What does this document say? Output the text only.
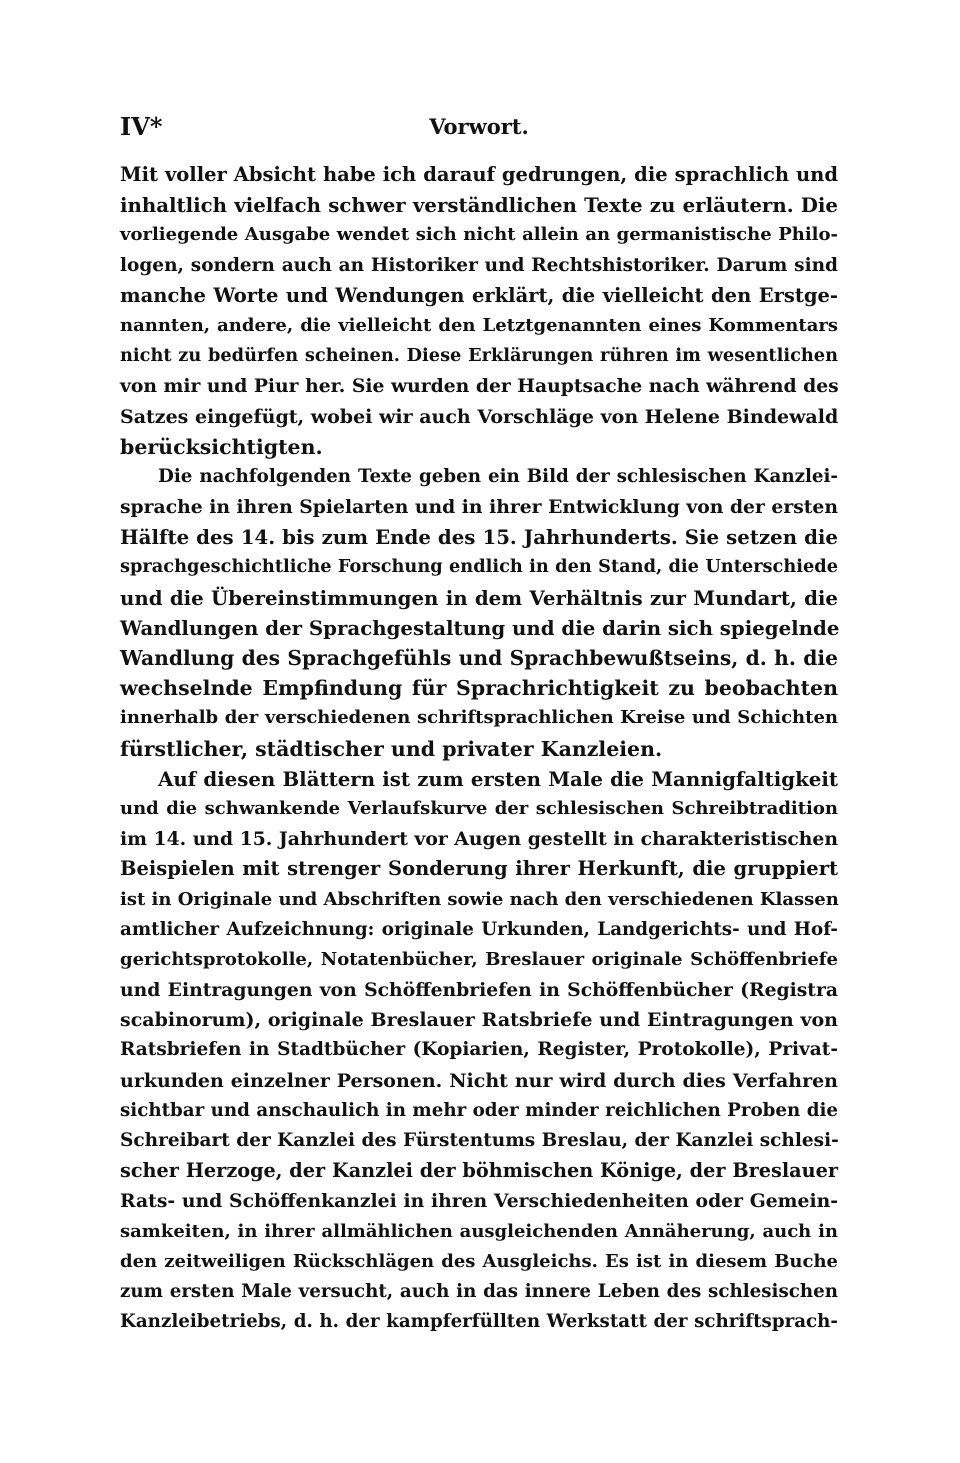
IV*	Vorwort.
Mit voller Absicht habe ich darauf gedrungen, die sprachlich und
inhaltlich vielfach schwer verständlichen Texte zu erläutern. Die
vorliegende Ausgabe wendet sich nicht allein an germanistische Philo-
logen, sondern auch an Historiker und Rechtshistoriker. Darum sind
manche Worte und Wendungen erklärt, die vielleicht den Erstge-
nannten, andere, die vielleicht den Letztgenannten eines Kommentars
nicht zu bedürfen scheinen. Diese Erklärungen rühren im wesentlichen
von mir und Piur her. Sie wurden der Hauptsache nach während des
Satzes eingefügt, wobei wir auch Vorschläge von Helene Bindewald
berücksichtigten.
Die nachfolgenden Texte geben ein Bild der schlesischen Kanzlei-
sprache in ihren Spielarten und in ihrer Entwicklung von der ersten
Hälfte des 14. bis zum Ende des 15. Jahrhunderts. Sie setzen die
sprachgeschichtliche Forschung endlich in den Stand, die Unterschiede
und die Übereinstimmungen in dem Verhältnis zur Mundart, die
Wandlungen der Sprachgestaltung und die darin sich spiegelnde
Wandlung des Sprachgefühls und Sprachbewußtseins, d. h. die
wechselnde Empfindung für Sprachrichtigkeit zu beobachten
innerhalb der verschiedenen schriftsprachlichen Kreise und Schichten
fürstlicher, städtischer und privater Kanzleien.
Auf diesen Blättern ist zum ersten Male die Mannigfaltigkeit
und die schwankende Verlaufskurve der schlesischen Schreibtradition
im 14. und 15. Jahrhundert vor Augen gestellt in charakteristischen
Beispielen mit strenger Sonderung ihrer Herkunft, die gruppiert
ist in Originale und Abschriften sowie nach den verschiedenen Klassen
amtlicher Aufzeichnung: originale Urkunden, Landgerichts- und Hof-
gerichtsprotokolle, Notatenbücher, Breslauer originale Schöffenbriefe
und Eintragungen von Schöffenbriefen in Schöffenbücher (Registra
scabinorum), originale Breslauer Ratsbriefe und Eintragungen von
Ratsbriefen in Stadtbücher (Kopiarien, Register, Protokolle), Privat-
urkunden einzelner Personen. Nicht nur wird durch dies Verfahren
sichtbar und anschaulich in mehr oder minder reichlichen Proben die
Schreibart der Kanzlei des Fürstentums Breslau, der Kanzlei schlesi-
scher Herzoge, der Kanzlei der böhmischen Könige, der Breslauer
Rats- und Schöffenkanzlei in ihren Verschiedenheiten oder Gemein-
samkeiten, in ihrer allmählichen ausgleichenden Annäherung, auch in
den zeitweiligen Rückschlägen des Ausgleichs. Es ist in diesem Buche
zum ersten Male versucht, auch in das innere Leben des schlesischen
Kanzleibetriebs, d. h. der kampferfüllten Werkstatt der schriftsprach-
